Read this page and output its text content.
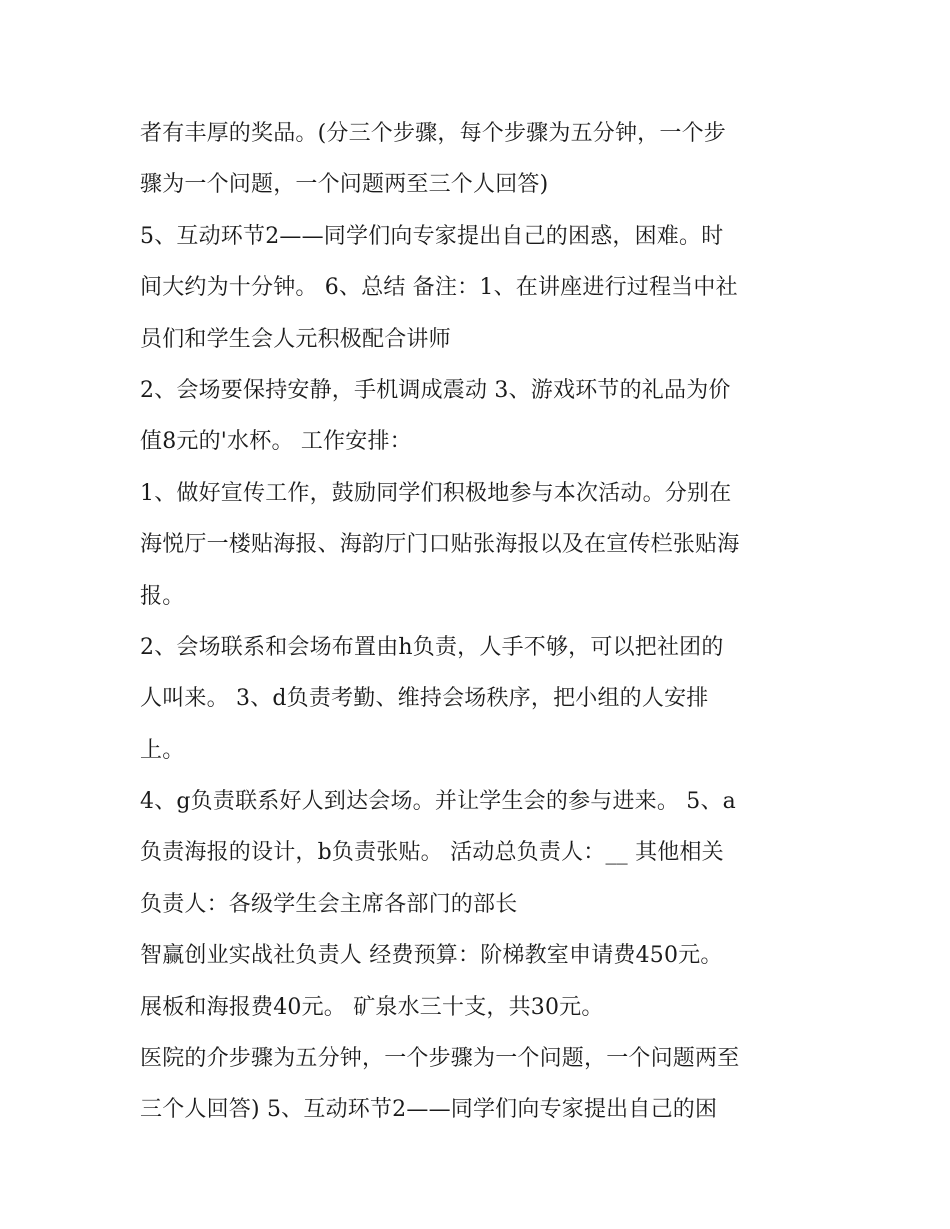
者有丰厚的奖品。(分三个步骤，每个步骤为五分钟，一个步
骤为一个问题，一个问题两至三个人回答)
5、互动环节2——同学们向专家提出自己的困惑，困难。时
间大约为十分钟。 6、总结 备注：1、在讲座进行过程当中社
员们和学生会人元积极配合讲师
2、会场要保持安静，手机调成震动 3、游戏环节的礼品为价
值8元的'水杯。 工作安排：
1、做好宣传工作，鼓励同学们积极地参与本次活动。分别在
海悦厅一楼贴海报、海韵厅门口贴张海报以及在宣传栏张贴海
报。
2、会场联系和会场布置由h负责，人手不够，可以把社团的
人叫来。 3、d负责考勤、维持会场秩序，把小组的人安排
上。
4、g负责联系好人到达会场。并让学生会的参与进来。 5、a
负责海报的设计，b负责张贴。 活动总负责人：__ 其他相关
负责人：各级学生会主席各部门的部长
智赢创业实战社负责人 经费预算：阶梯教室申请费450元。
展板和海报费40元。 矿泉水三十支，共30元。
医院的介步骤为五分钟，一个步骤为一个问题，一个问题两至
三个人回答) 5、互动环节2——同学们向专家提出自己的困
